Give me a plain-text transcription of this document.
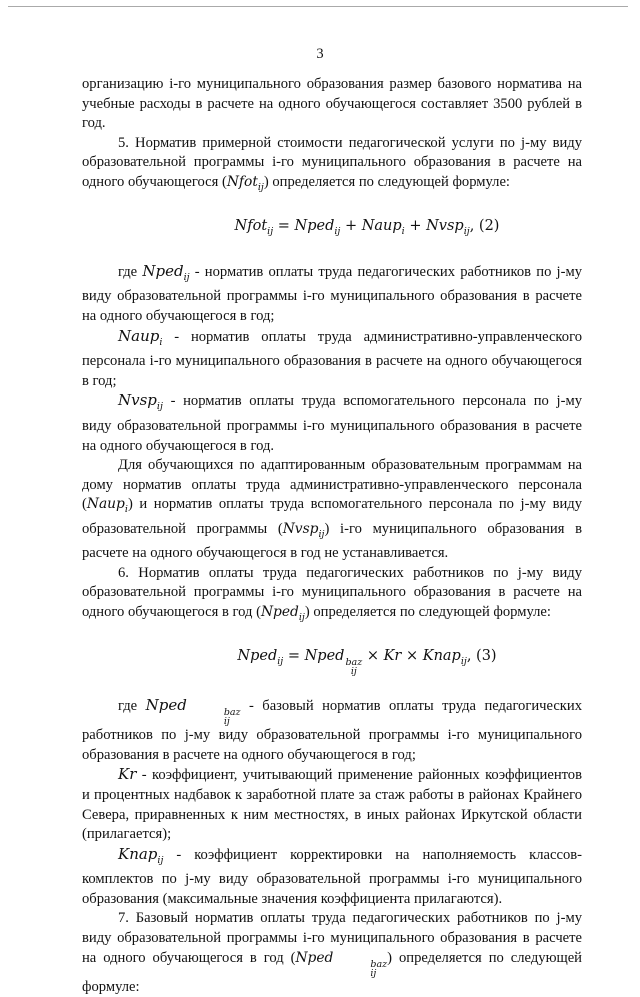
3

организацию i-го муниципального образования размер базового норматива на учебные расходы в расчете на одного обучающегося составляет 3500 рублей в год.

5. Норматив примерной стоимости педагогической услуги по j-му виду образовательной программы i-го муниципального образования в расчете на одного обучающегося (Nfot$_{ij}$) определяется по следующей формуле:

Nfot$_{ij}$ = Nped$_{ij}$ + Naup$_i$ + Nvsp$_{ij}$, (2)

где Nped$_{ij}$ - норматив оплаты труда педагогических работников по j-му виду образовательной программы i-го муниципального образования в расчете на одного обучающегося в год;

Naup$_i$ - норматив оплаты труда административно-управленческого персонала i-го муниципального образования в расчете на одного обучающегося в год;

Nvsp$_{ij}$ - норматив оплаты труда вспомогательного персонала по j-му виду образовательной программы i-го муниципального образования в расчете на одного обучающегося в год.

Для обучающихся по адаптированным образовательным программам на дому норматив оплаты труда административно-управленческого персонала (Naup$_i$) и норматив оплаты труда вспомогательного персонала по j-му виду образовательной программы (Nvsp$_{ij}$) i-го муниципального образования в расчете на одного обучающегося в год не устанавливается.

6. Норматив оплаты труда педагогических работников по j-му виду образовательной программы i-го муниципального образования в расчете на одного обучающегося в год (Nped$_{ij}$) определяется по следующей формуле:

Nped$_{ij}$ = Nped baz
ij
× Kr × Knap$_{ij}$, (3)

где Nped	baz
ij
- базовый норматив оплаты труда педагогических работников по j-му виду образовательной программы i-го муниципального образования в расчете на одного обучающегося в год;

Kr - коэффициент, учитывающий применение районных коэффициентов и процентных надбавок к заработной плате за стаж работы в районах Крайнего Севера, приравненных к ним местностях, в иных районах Иркутской области (прилагается);

Knap$_{ij}$ - коэффициент корректировки на наполняемость классов-комплектов по j-му виду образовательной программы i-го муниципального образования (максимальные значения коэффициента прилагаются).

7. Базовый норматив оплаты труда педагогических работников по j-му виду образовательной программы i-го муниципального образования в расчете на одного обучающегося в год (Nped	baz
ij
) определяется по следующей формуле:
